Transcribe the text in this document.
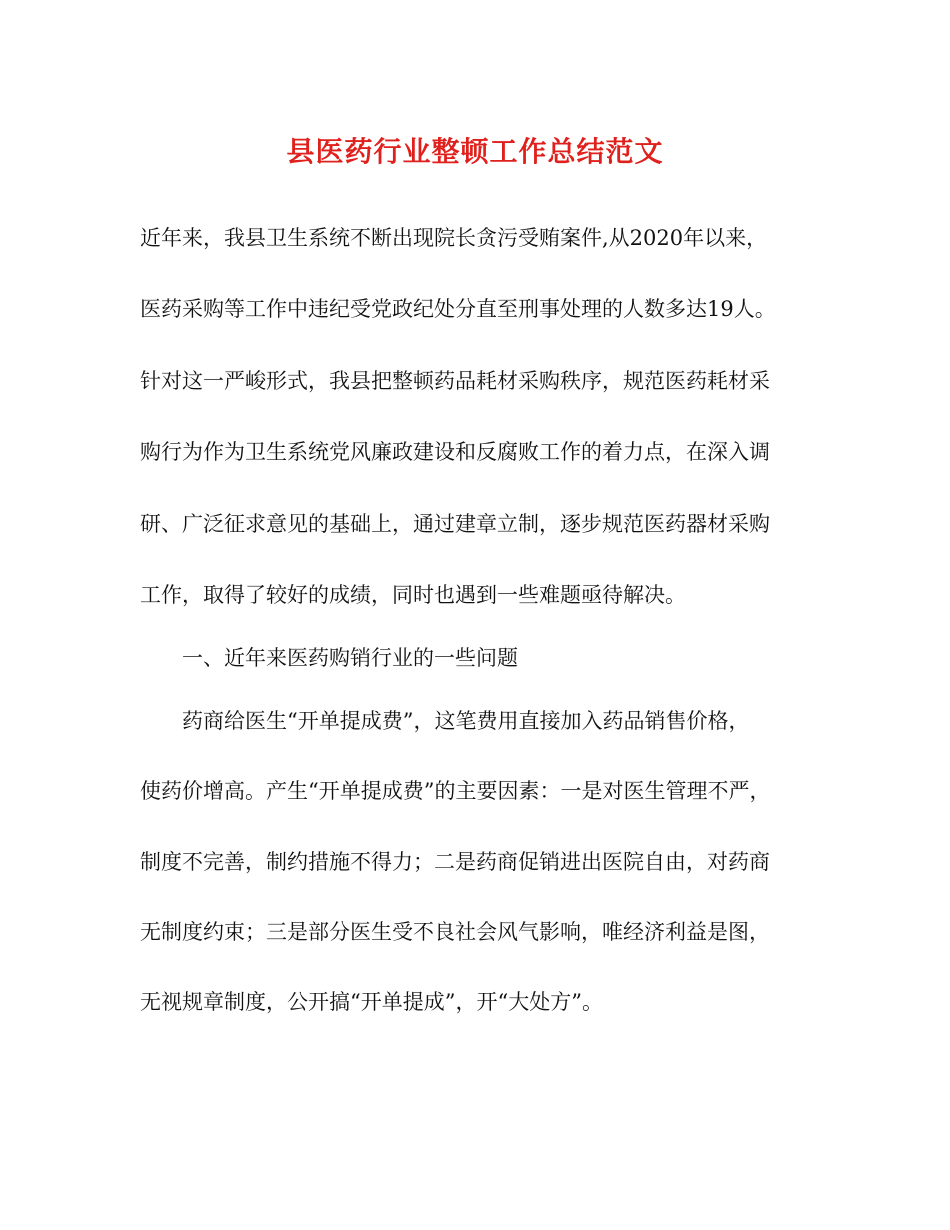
县医药行业整顿工作总结范文
近年来，我县卫生系统不断出现院长贪污受贿案件,从2020年以来，
医药采购等工作中违纪受党政纪处分直至刑事处理的人数多达19人。
针对这一严峻形式，我县把整顿药品耗材采购秩序，规范医药耗材采
购行为作为卫生系统党风廉政建设和反腐败工作的着力点，在深入调
研、广泛征求意见的基础上，通过建章立制，逐步规范医药器材采购
工作，取得了较好的成绩，同时也遇到一些难题亟待解决。
一、近年来医药购销行业的一些问题
药商给医生“开单提成费”，这笔费用直接加入药品销售价格，
使药价增高。产生“开单提成费”的主要因素：一是对医生管理不严，
制度不完善，制约措施不得力；二是药商促销进出医院自由，对药商
无制度约束；三是部分医生受不良社会风气影响，唯经济利益是图，
无视规章制度，公开搞“开单提成”，开“大处方”。
